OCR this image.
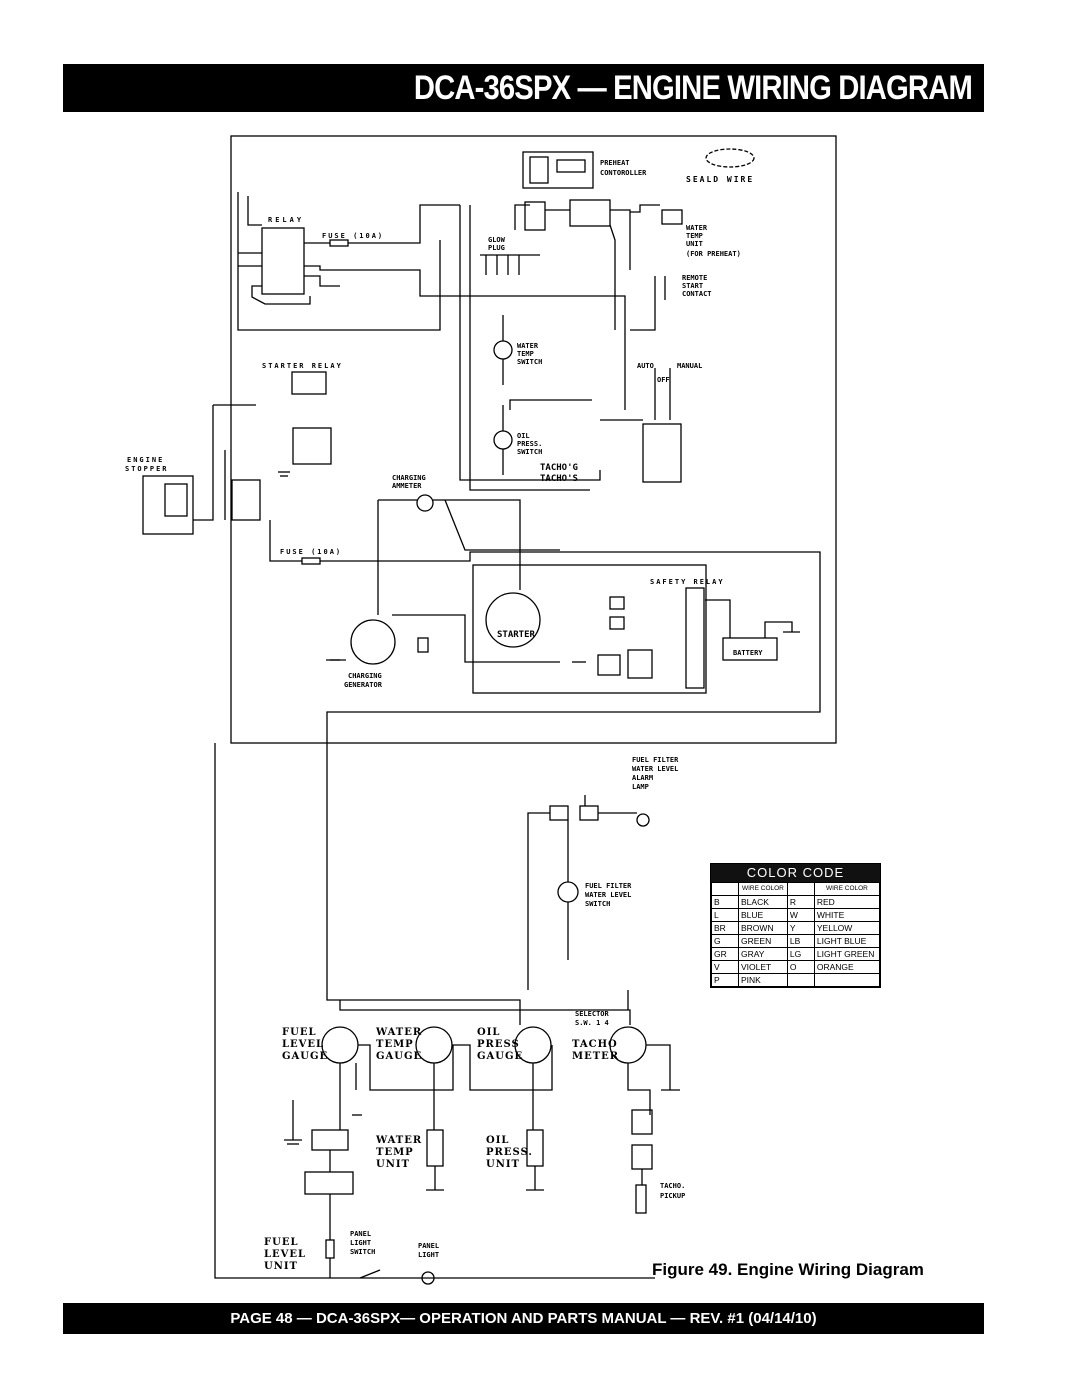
DCA-36SPX — ENGINE WIRING DIAGRAM
PREHEAT
CONTOROLLER
SEALD WIRE
RELAY
FUSE (10A)
WATER
TEMP
UNIT
(FOR PREHEAT)
GLOW
PLUG
REMOTE
START
CONTACT
WATER
TEMP
SWITCH	AUTO	MANUAL
OFF
STARTER RELAY
OIL
PRESS.
SWITCH
TACHO'G
TACHO'S
ENGINE
STOPPER
CHARGING
AMMETER
FUSE (10A)
SAFETY RELAY
STARTER
BATTERY
CHARGING
GENERATOR
FUEL FILTER
WATER LEVEL
ALARM
LAMP
FUEL FILTER
WATER LEVEL
SWITCH
FUEL
LEVEL
GAUGE
WATER
TEMP
GAUGE
OIL
PRESS
GAUGE
SELECTOR
S.W. 1 4
TACHO
METER
WATER
TEMP
UNIT
OIL
PRESS.
UNIT
TACHO.
PICKUP
FUEL
LEVEL
UNIT
PANEL
LIGHT
SWITCH
PANEL
LIGHT
COLOR CODE
	WIRE COLOR		WIRE COLOR
B	BLACK	R	RED
L	BLUE	W	WHITE
BR	BROWN	Y	YELLOW
G	GREEN	LB	LIGHT BLUE
GR	GRAY	LG	LIGHT GREEN
V	VIOLET	O	ORANGE
P	PINK		
Figure 49. Engine Wiring Diagram
PAGE 48 — DCA-36SPX— OPERATION AND PARTS MANUAL — REV. #1 (04/14/10)
